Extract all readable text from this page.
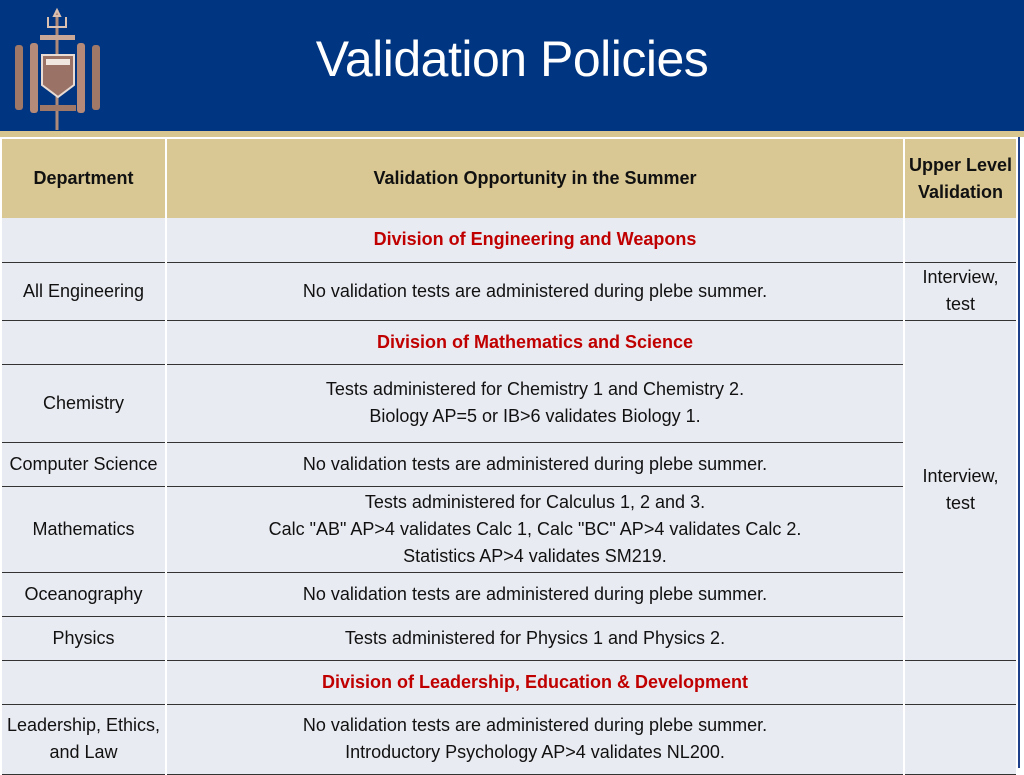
Validation Policies
Department	Validation Opportunity in the Summer	Upper Level Validation
	Division of Engineering and Weapons	
All Engineering	No validation tests are administered during plebe summer.	Interview,
test

	Division of Mathematics and Science	Interview,
test

Chemistry	Tests administered for Chemistry 1 and Chemistry 2.
Biology AP=5 or IB>6 validates Biology 1.	

Computer Science	No validation tests are administered during plebe summer.	
Mathematics	Tests administered for Calculus 1, 2 and 3.
Calc "AB" AP>4 validates Calc 1, Calc "BC" AP>4 validates Calc 2.
Statistics AP>4 validates SM219.	

Oceanography	No validation tests are administered during plebe summer.	
Physics	Tests administered for Physics 1 and Physics 2.	
	Division of Leadership, Education & Development	
Leadership, Ethics, and Law	No validation tests are administered during plebe summer.
Introductory Psychology AP>4 validates NL200.	
